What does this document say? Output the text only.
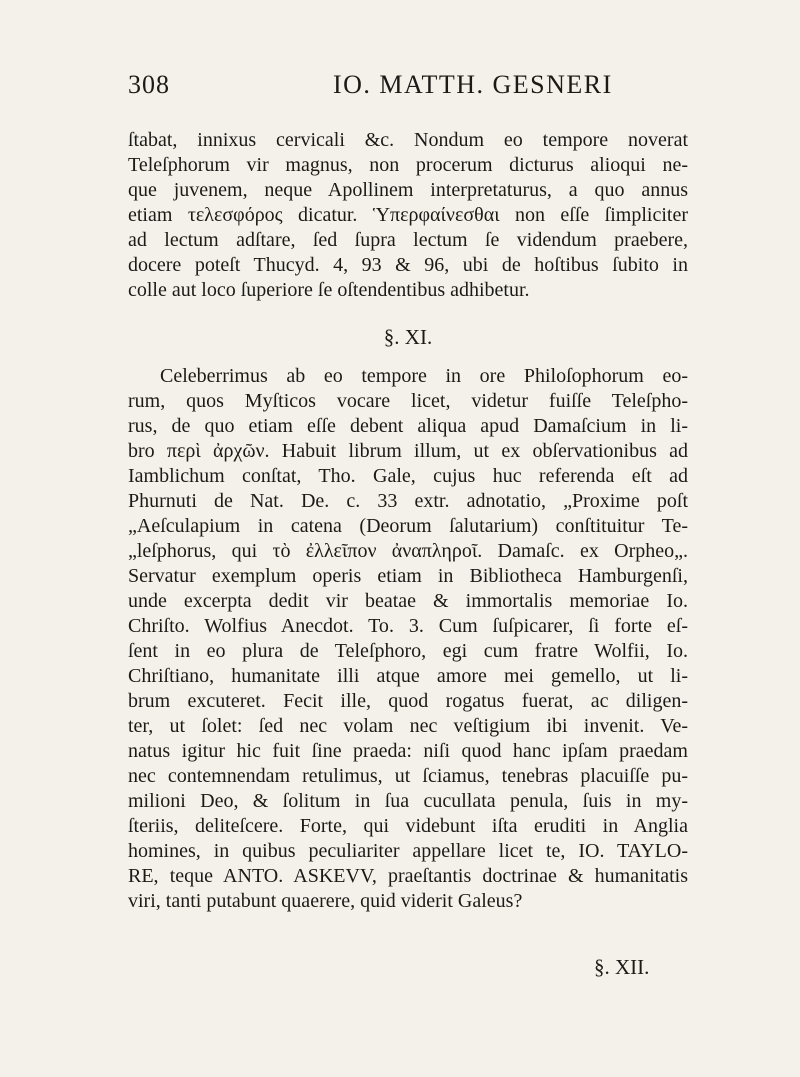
308	IO. MATTH. GESNERI
ſtabat, innixus cervicali &c. Nondum eo tempore noverat
Teleſphorum vir magnus, non procerum dicturus alioqui ne-
que juvenem, neque Apollinem interpretaturus, a quo annus
etiam τελεσφόρος dicatur. Ὑπερφαίνεσθαι non eſſe ſimpliciter
ad lectum adſtare, ſed ſupra lectum ſe videndum praebere,
docere poteſt Thucyd. 4, 93 & 96, ubi de hoſtibus ſubito in
colle aut loco ſuperiore ſe oſtendentibus adhibetur.
§. XI.
Celeberrimus ab eo tempore in ore Philoſophorum eo-
rum, quos Myſticos vocare licet, videtur fuiſſe Teleſpho-
rus, de quo etiam eſſe debent aliqua apud Damaſcium in li-
bro περὶ ἀρχῶν. Habuit librum illum, ut ex obſervationibus ad
Iamblichum conſtat, Tho. Gale, cujus huc referenda eſt ad
Phurnuti de Nat. De. c. 33 extr. adnotatio, „Proxime poſt
„Aeſculapium in catena (Deorum ſalutarium) conſtituitur Te-
„leſphorus, qui τὸ ἐλλεῖπον ἀναπληροῖ. Damaſc. ex Orpheo„.
Servatur exemplum operis etiam in Bibliotheca Hamburgenſi,
unde excerpta dedit vir beatae & immortalis memoriae Io.
Chriſto. Wolfius Anecdot. To. 3. Cum ſuſpicarer, ſi forte eſ-
ſent in eo plura de Teleſphoro, egi cum fratre Wolfii, Io.
Chriſtiano, humanitate illi atque amore mei gemello, ut li-
brum excuteret. Fecit ille, quod rogatus fuerat, ac diligen-
ter, ut ſolet: ſed nec volam nec veſtigium ibi invenit. Ve-
natus igitur hic fuit ſine praeda: niſi quod hanc ipſam praedam
nec contemnendam retulimus, ut ſciamus, tenebras placuiſſe pu-
milioni Deo, & ſolitum in ſua cucullata penula, ſuis in my-
ſteriis, deliteſcere. Forte, qui videbunt iſta eruditi in Anglia
homines, in quibus peculiariter appellare licet te, IO. TAYLO-
RE, teque ANTO. ASKEVV, praeſtantis doctrinae & humanitatis
viri, tanti putabunt quaerere, quid viderit Galeus?
§. XII.
